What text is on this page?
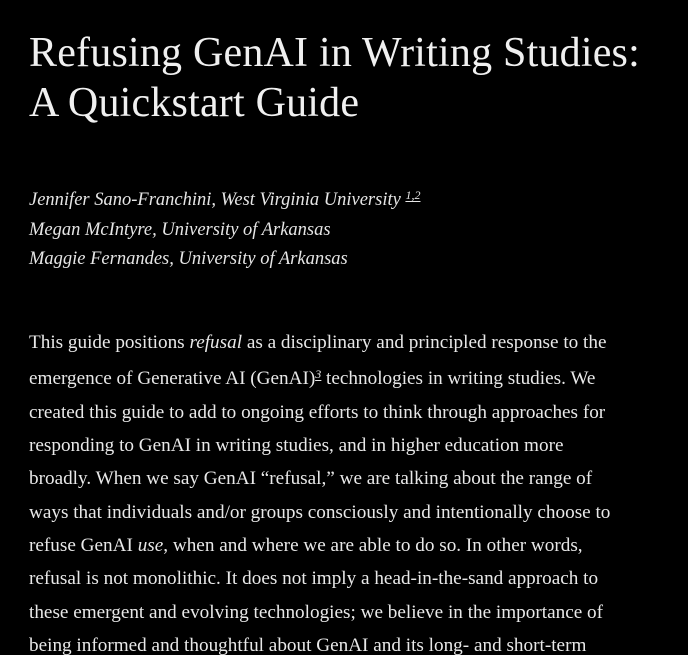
Refusing GenAI in Writing Studies:
A Quickstart Guide
Jennifer Sano-Franchini, West Virginia University $^{1,2}$
Megan McIntyre, University of Arkansas
Maggie Fernandes, University of Arkansas
This guide positions refusal as a disciplinary and principled response to the
emergence of Generative AI (GenAI)$^3$ technologies in writing studies. We
created this guide to add to ongoing efforts to think through approaches for
responding to GenAI in writing studies, and in higher education more
broadly. When we say GenAI “refusal,” we are talking about the range of
ways that individuals and/or groups consciously and intentionally choose to
refuse GenAI use, when and where we are able to do so. In other words,
refusal is not monolithic. It does not imply a head-in-the-sand approach to
these emergent and evolving technologies; we believe in the importance of
being informed and thoughtful about GenAI and its long- and short-term
